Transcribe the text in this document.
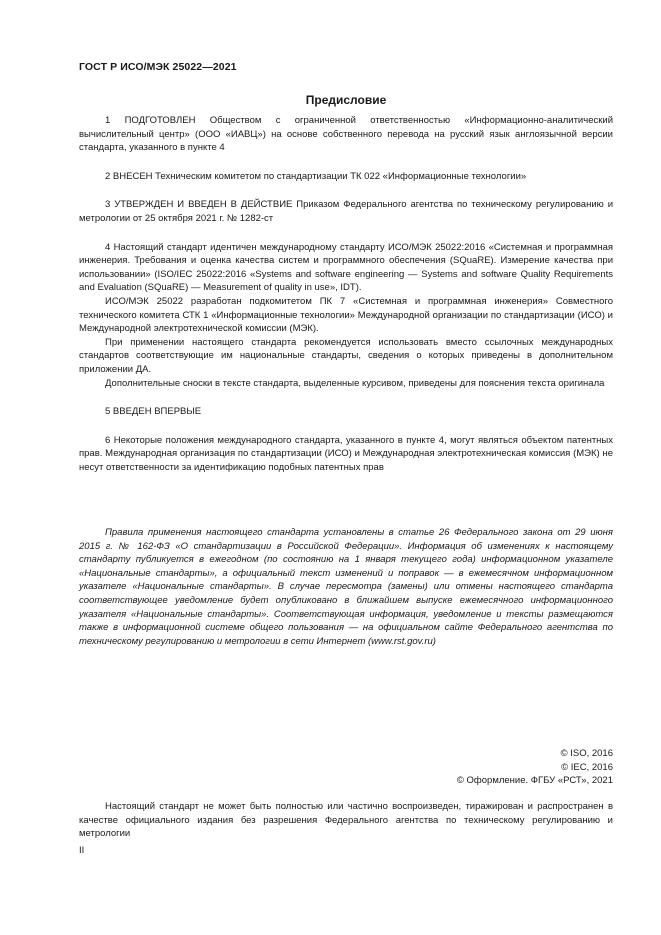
ГОСТ Р ИСО/МЭК 25022—2021
Предисловие

1 ПОДГОТОВЛЕН Обществом с ограниченной ответственностью «Информационно-аналитический вычислительный центр» (ООО «ИАВЦ») на основе собственного перевода на русский язык англоязычной версии стандарта, указанного в пункте 4

2 ВНЕСЕН Техническим комитетом по стандартизации ТК 022 «Информационные технологии»

3 УТВЕРЖДЕН И ВВЕДЕН В ДЕЙСТВИЕ Приказом Федерального агентства по техническому регулированию и метрологии от 25 октября 2021 г. № 1282-ст

4 Настоящий стандарт идентичен международному стандарту ИСО/МЭК 25022:2016 «Системная и программная инженерия. Требования и оценка качества систем и программного обеспечения (SQuaRE). Измерение качества при использовании» (ISO/IEC 25022:2016 «Systems and software engineering — Systems and software Quality Requirements and Evaluation (SQuaRE) — Measurement of quality in use», IDT).

ИСО/МЭК 25022 разработан подкомитетом ПК 7 «Системная и программная инженерия» Совместного технического комитета СТК 1 «Информационные технологии» Международной организации по стандартизации (ИСО) и Международной электротехнической комиссии (МЭК).

При применении настоящего стандарта рекомендуется использовать вместо ссылочных международных стандартов соответствующие им национальные стандарты, сведения о которых приведены в дополнительном приложении ДА.

Дополнительные сноски в тексте стандарта, выделенные курсивом, приведены для пояснения текста оригинала

5 ВВЕДЕН ВПЕРВЫЕ

6 Некоторые положения международного стандарта, указанного в пункте 4, могут являться объектом патентных прав. Международная организация по стандартизации (ИСО) и Международная электротехническая комиссия (МЭК) не несут ответственности за идентификацию подобных патентных прав

Правила применения настоящего стандарта установлены в статье 26 Федерального закона от 29 июня 2015 г. № 162-ФЗ «О стандартизации в Российской Федерации». Информация об изменениях к настоящему стандарту публикуется в ежегодном (по состоянию на 1 января текущего года) информационном указателе «Национальные стандарты», а официальный текст изменений и поправок — в ежемесячном информационном указателе «Национальные стандарты». В случае пересмотра (замены) или отмены настоящего стандарта соответствующее уведомление будет опубликовано в ближайшем выпуске ежемесячного информационного указателя «Национальные стандарты». Соответствующая информация, уведомление и тексты размещаются также в информационной системе общего пользования — на официальном сайте Федерального агентства по техническому регулированию и метрологии в сети Интернет (www.rst.gov.ru)

© ISO, 2016
© IEC, 2016
© Оформление. ФГБУ «РСТ», 2021

Настоящий стандарт не может быть полностью или частично воспроизведен, тиражирован и распространен в качестве официального издания без разрешения Федерального агентства по техническому регулированию и метрологии

II
